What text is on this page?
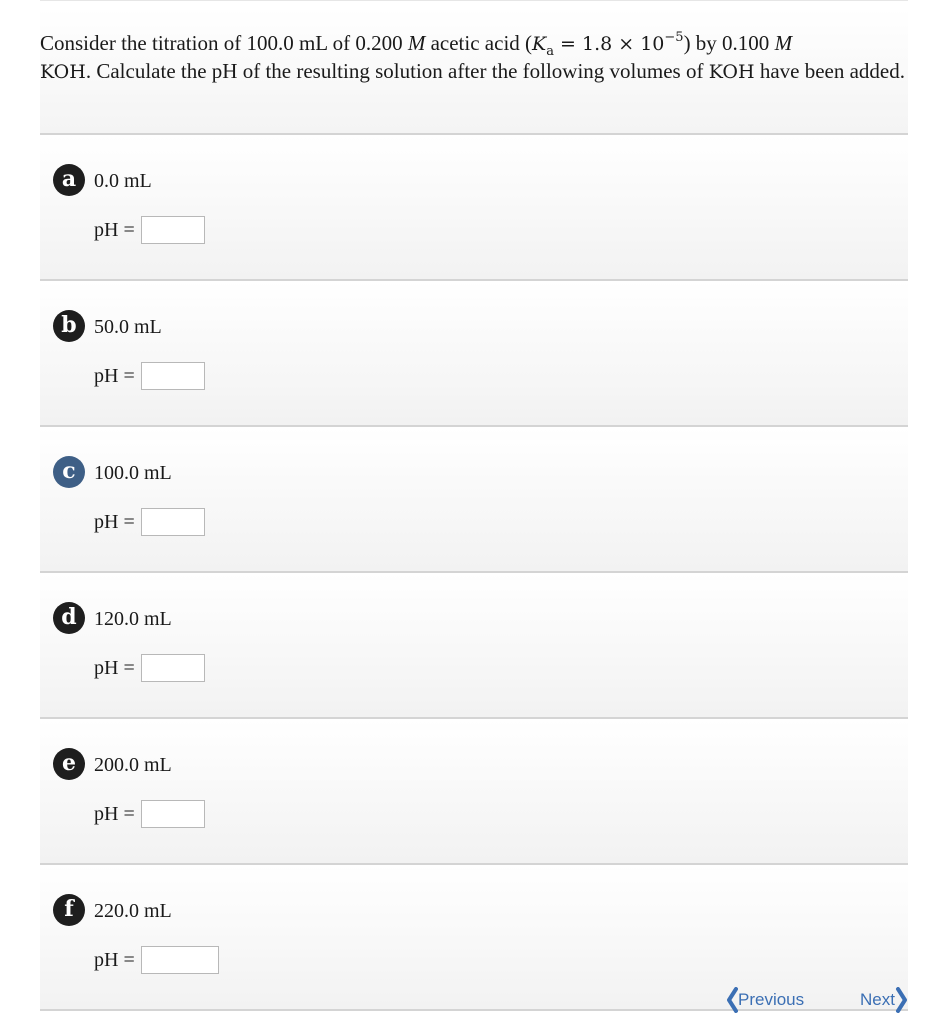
Consider the titration of 100.0 mL of 0.200 M acetic acid $(K_a = 1.8 \times 10^{-5})$ by 0.100 M
KOH. Calculate the pH of the resulting solution after the following volumes of KOH have been added.
a 0.0 mL
pH =
b 50.0 mL
pH =
c 100.0 mL
pH =
d 120.0 mL
pH =
e 200.0 mL
pH =
f	220.0 mL
pH =
Previous	Next
